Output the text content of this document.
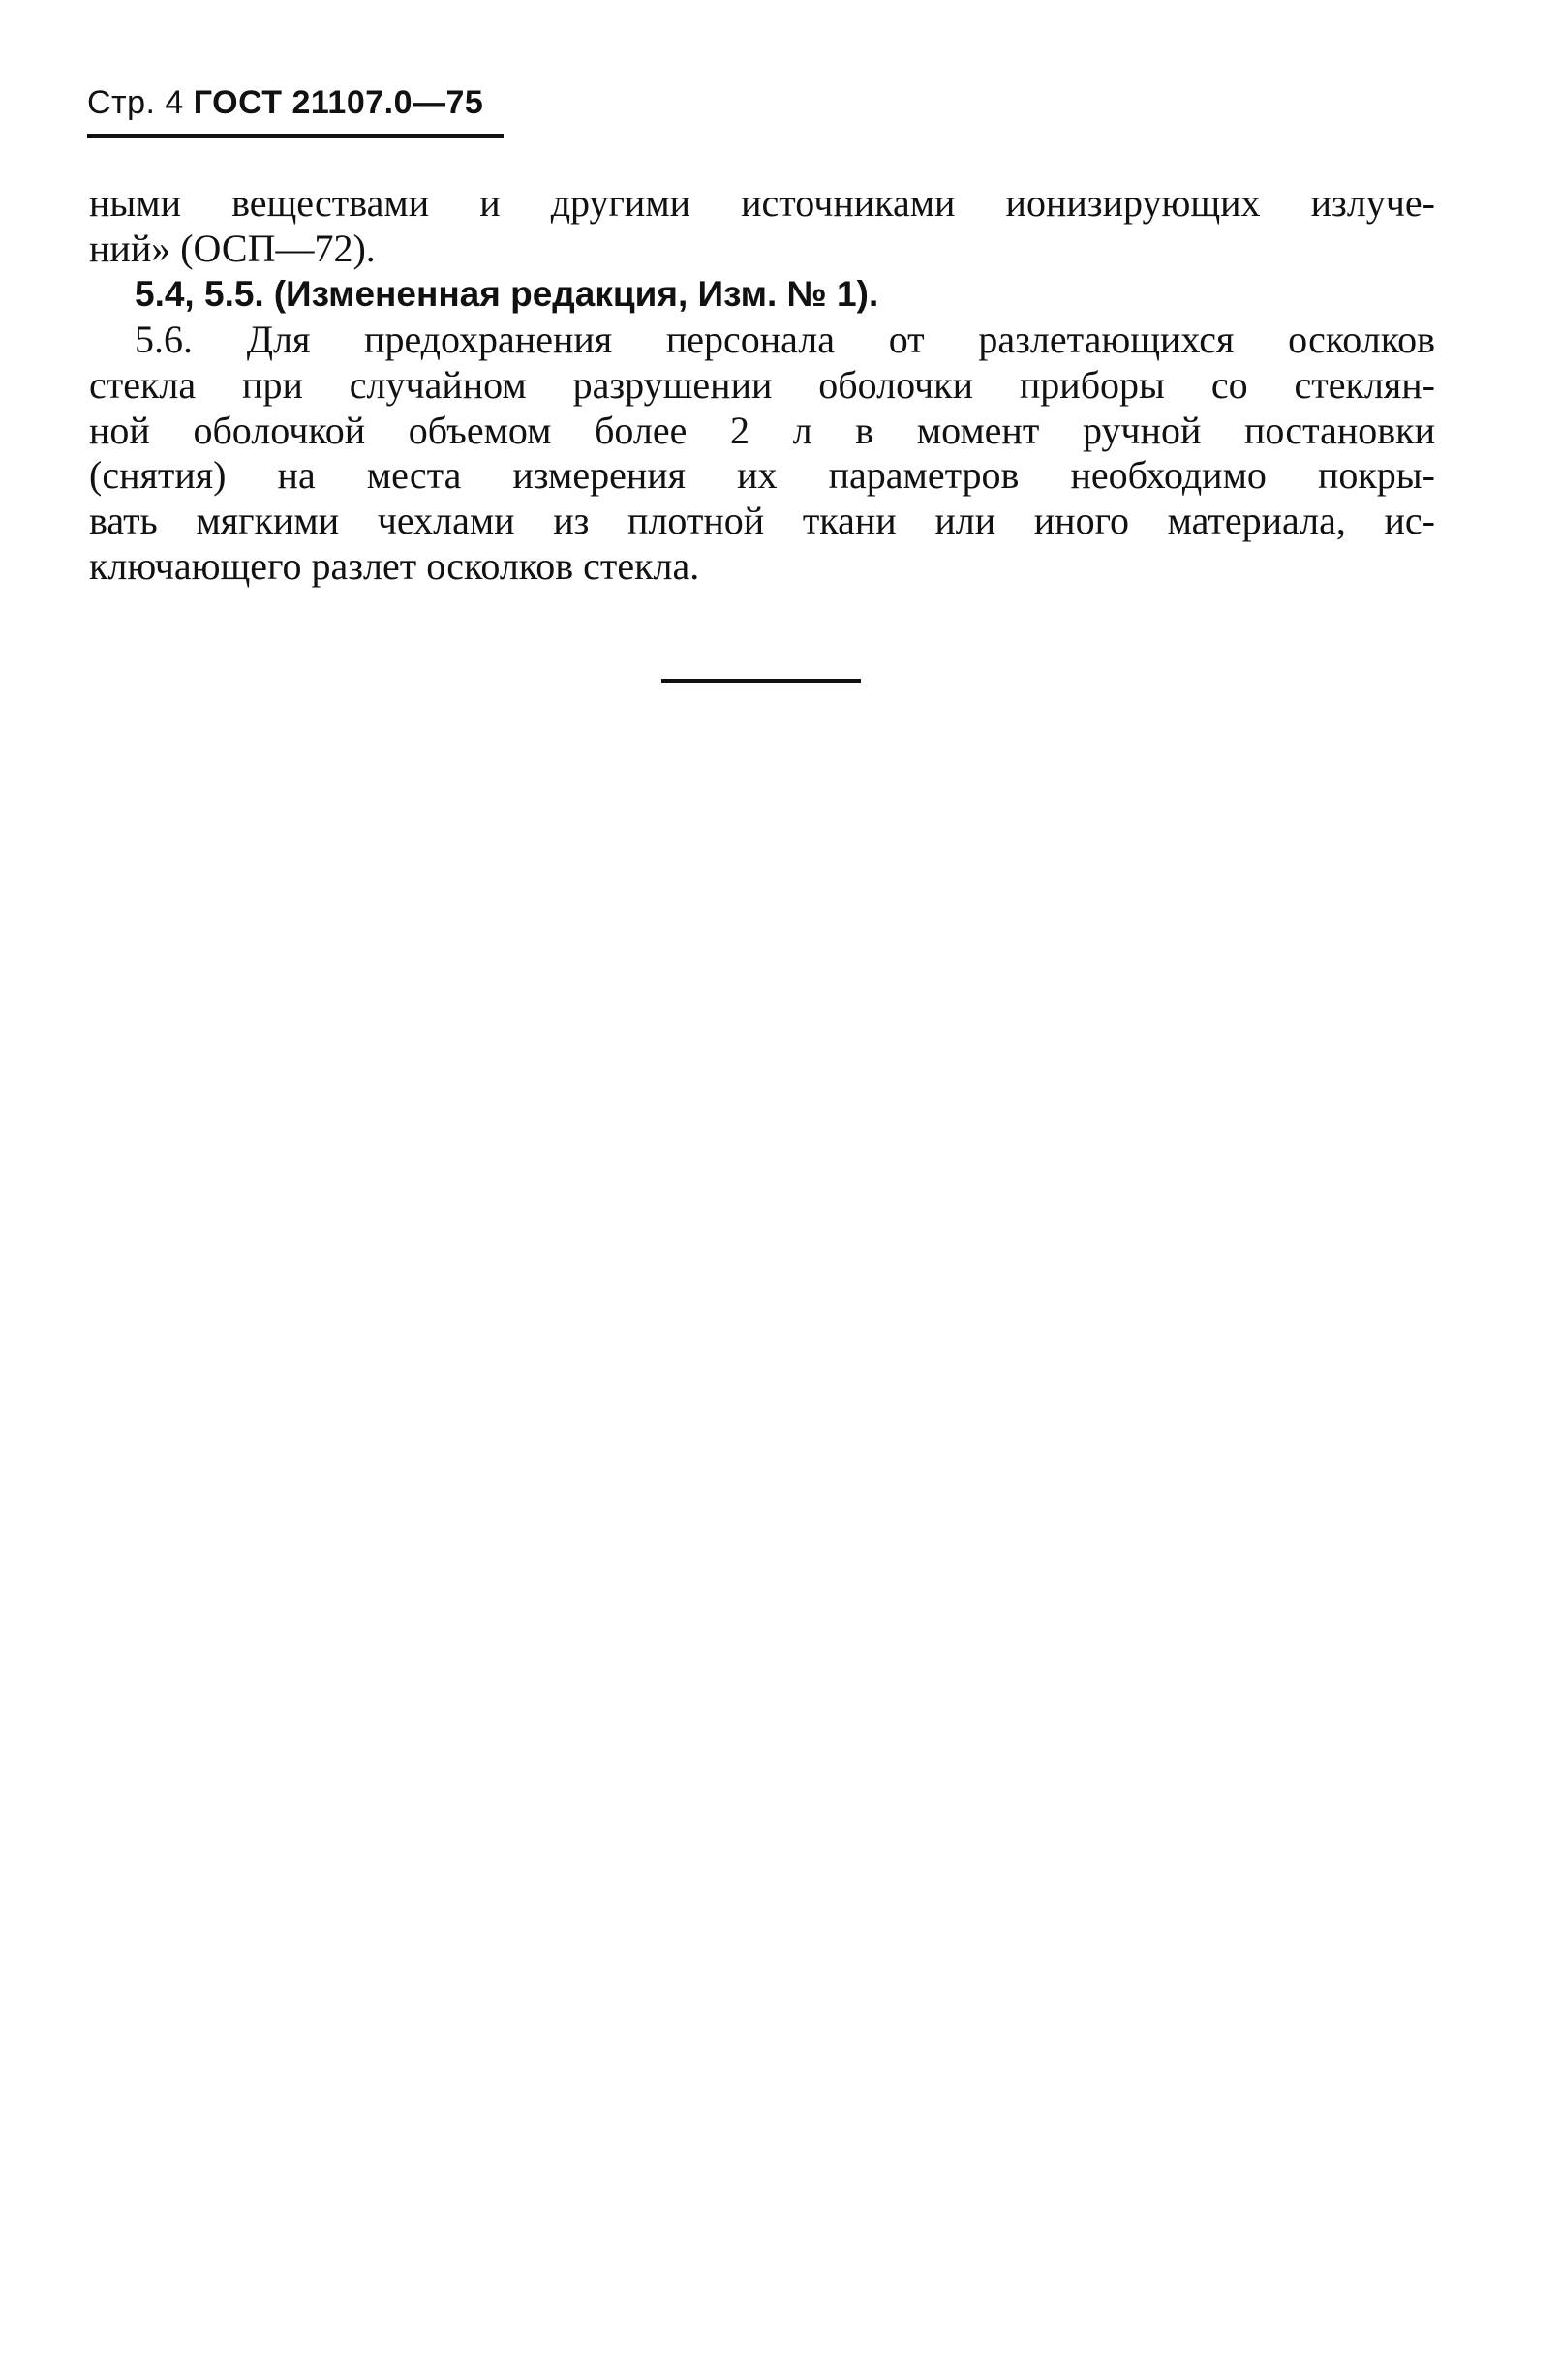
Стр. 4 ГОСТ 21107.0—75
ными веществами и другими источниками ионизирующих излуче-
ний» (ОСП—72).
5.4, 5.5. (Измененная редакция, Изм. № 1).
5.6. Для предохранения персонала от разлетающихся осколков
стекла при случайном разрушении оболочки приборы со стеклян-
ной оболочкой объемом более 2 л в момент ручной постановки
(снятия) на места измерения их параметров необходимо покры-
вать мягкими чехлами из плотной ткани или иного материала, ис-
ключающего разлет осколков стекла.
